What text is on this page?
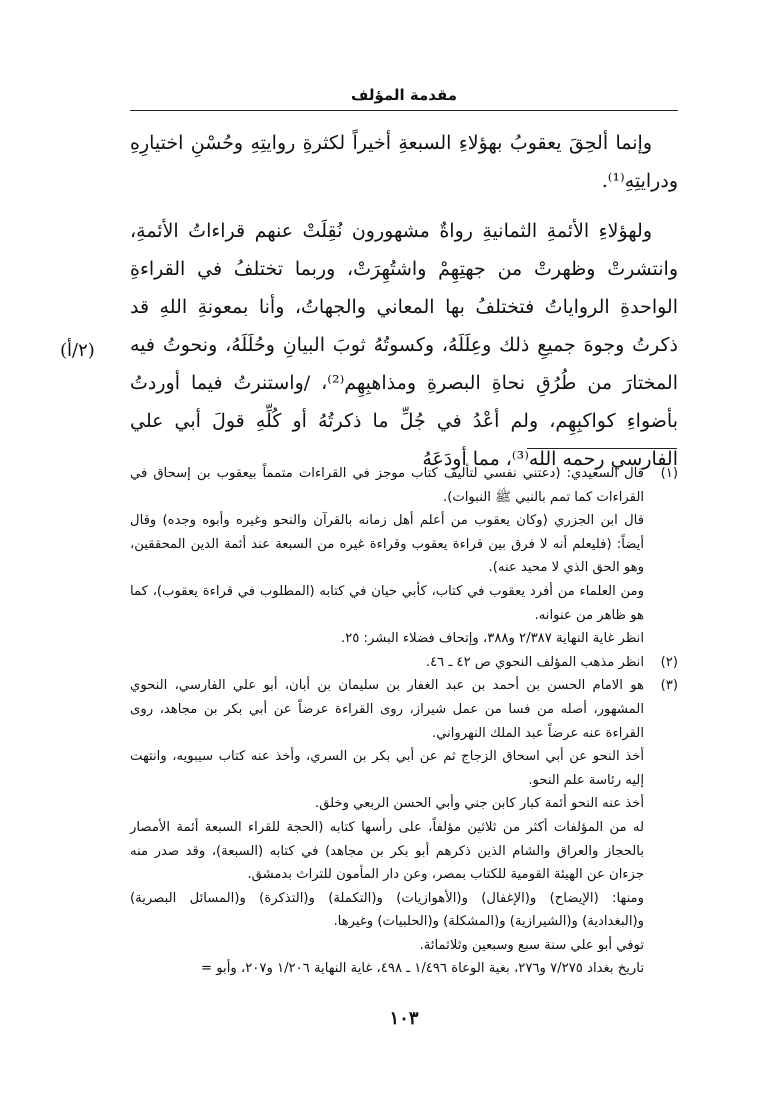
مقدمة المؤلف

وإنما ألحِقَ يعقوبُ بهؤلاءِ السبعةِ أخيراً لكثرةِ روايتِهِ وحُسْنِ اختيارِهِ ودرايتِهِ⁽¹⁾.

ولهؤلاءِ الأئمةِ الثمانيةِ رواةٌ مشهورون نُقِلَتْ عنهم قراءاتُ الأئمةِ، وانتشرتْ وظهرتْ من جهتِهِمْ واشتُهِرَتْ، وربما تختلفُ في القراءةِ الواحدةِ الرواياتُ فتختلفُ بها المعاني والجهاتُ، وأنا بمعونةِ اللهِ قد ذكرتُ وجوهَ جميعِ ذلك وعِلَلَهُ، وكسوتُهُ ثوبَ البيانِ وحُلَلَهُ، ونحوتُ فيه المختارَ من طُرُقِ نحاةِ البصرةِ ومذاهبِهِم⁽²⁾، /واستنرتُ فيما أوردتُ بأضواءِ كواكبِهِم، ولم أعْدُ في جُلِّ ما ذكرتُهُ أو كُلِّهِ قولَ أبي علي الفارسي رحمه الله⁽³⁾، مما أودَعَهُ

(٢/أ)
(١)

قال السعيدي: (دعتني نفسي لتأليف كتاب موجز في القراءات متمماً بيعقوب بن إسحاق في القراءات كما تمم بالنبي ﷺ النبوات).

قال ابن الجزري (وكان يعقوب من أعلم أهل زمانه بالقرآن والنحو وغيره وأبوه وجده) وقال أيضاً: (فليعلم أنه لا فرق بين قراءة يعقوب وقراءة غيره من السبعة عند أئمة الدين المحققين، وهو الحق الذي لا محيد عنه).

ومن العلماء من أفرد يعقوب في كتاب، كأبي حيان في كتابه (المطلوب في قراءة يعقوب)، كما هو ظاهر من عنوانه.

انظر غاية النهاية ٢/٣٨٧ و٣٨٨، وإتحاف فضلاء البشر: ٢٥.

(٢)

انظر مذهب المؤلف النحوي ص ٤٢ ـ ٤٦.

(٣)

هو الامام الحسن بن أحمد بن عبد الغفار بن سليمان بن أبان، أبو علي الفارسي، النحوي المشهور، أصله من فسا من عمل شيراز، روى القراءة عرضاً عن أبي بكر بن مجاهد، روى القراءة عنه عرضاً عبد الملك النهرواني.

أخذ النحو عن أبي اسحاق الزجاج ثم عن أبي بكر بن السري، وأخذ عنه كتاب سيبويه، وانتهت إليه رئاسة علم النحو.

أخذ عنه النحو أئمة كبار كابن جني وأبي الحسن الربعي وخلق.

له من المؤلفات أكثر من ثلاثين مؤلفاً، على رأسها كتابه (الحجة للقراء السبعة أئمة الأمصار بالحجاز والعراق والشام الذين ذكرهم أبو بكر بن مجاهد) في كتابه (السبعة)، وقد صدر منه جزءان عن الهيئة القومية للكتاب بمصر، وعن دار المأمون للتراث بدمشق.

ومنها: (الإيضاح) و(الإغفال) و(الأهوازيات) و(التكملة) و(التذكرة) و(المسائل البصرية) و(البغدادية) و(الشيرازية) و(المشكلة) و(الحلبيات) وغيرها.

توفي أبو علي سنة سبع وسبعين وثلاثمائة.

تاريخ بغداد ٧/٢٧٥ و٢٧٦، بغية الوعاة ١/٤٩٦ ـ ٤٩٨، غاية النهاية ١/٢٠٦ و٢٠٧، وأبو =

١٠٣
